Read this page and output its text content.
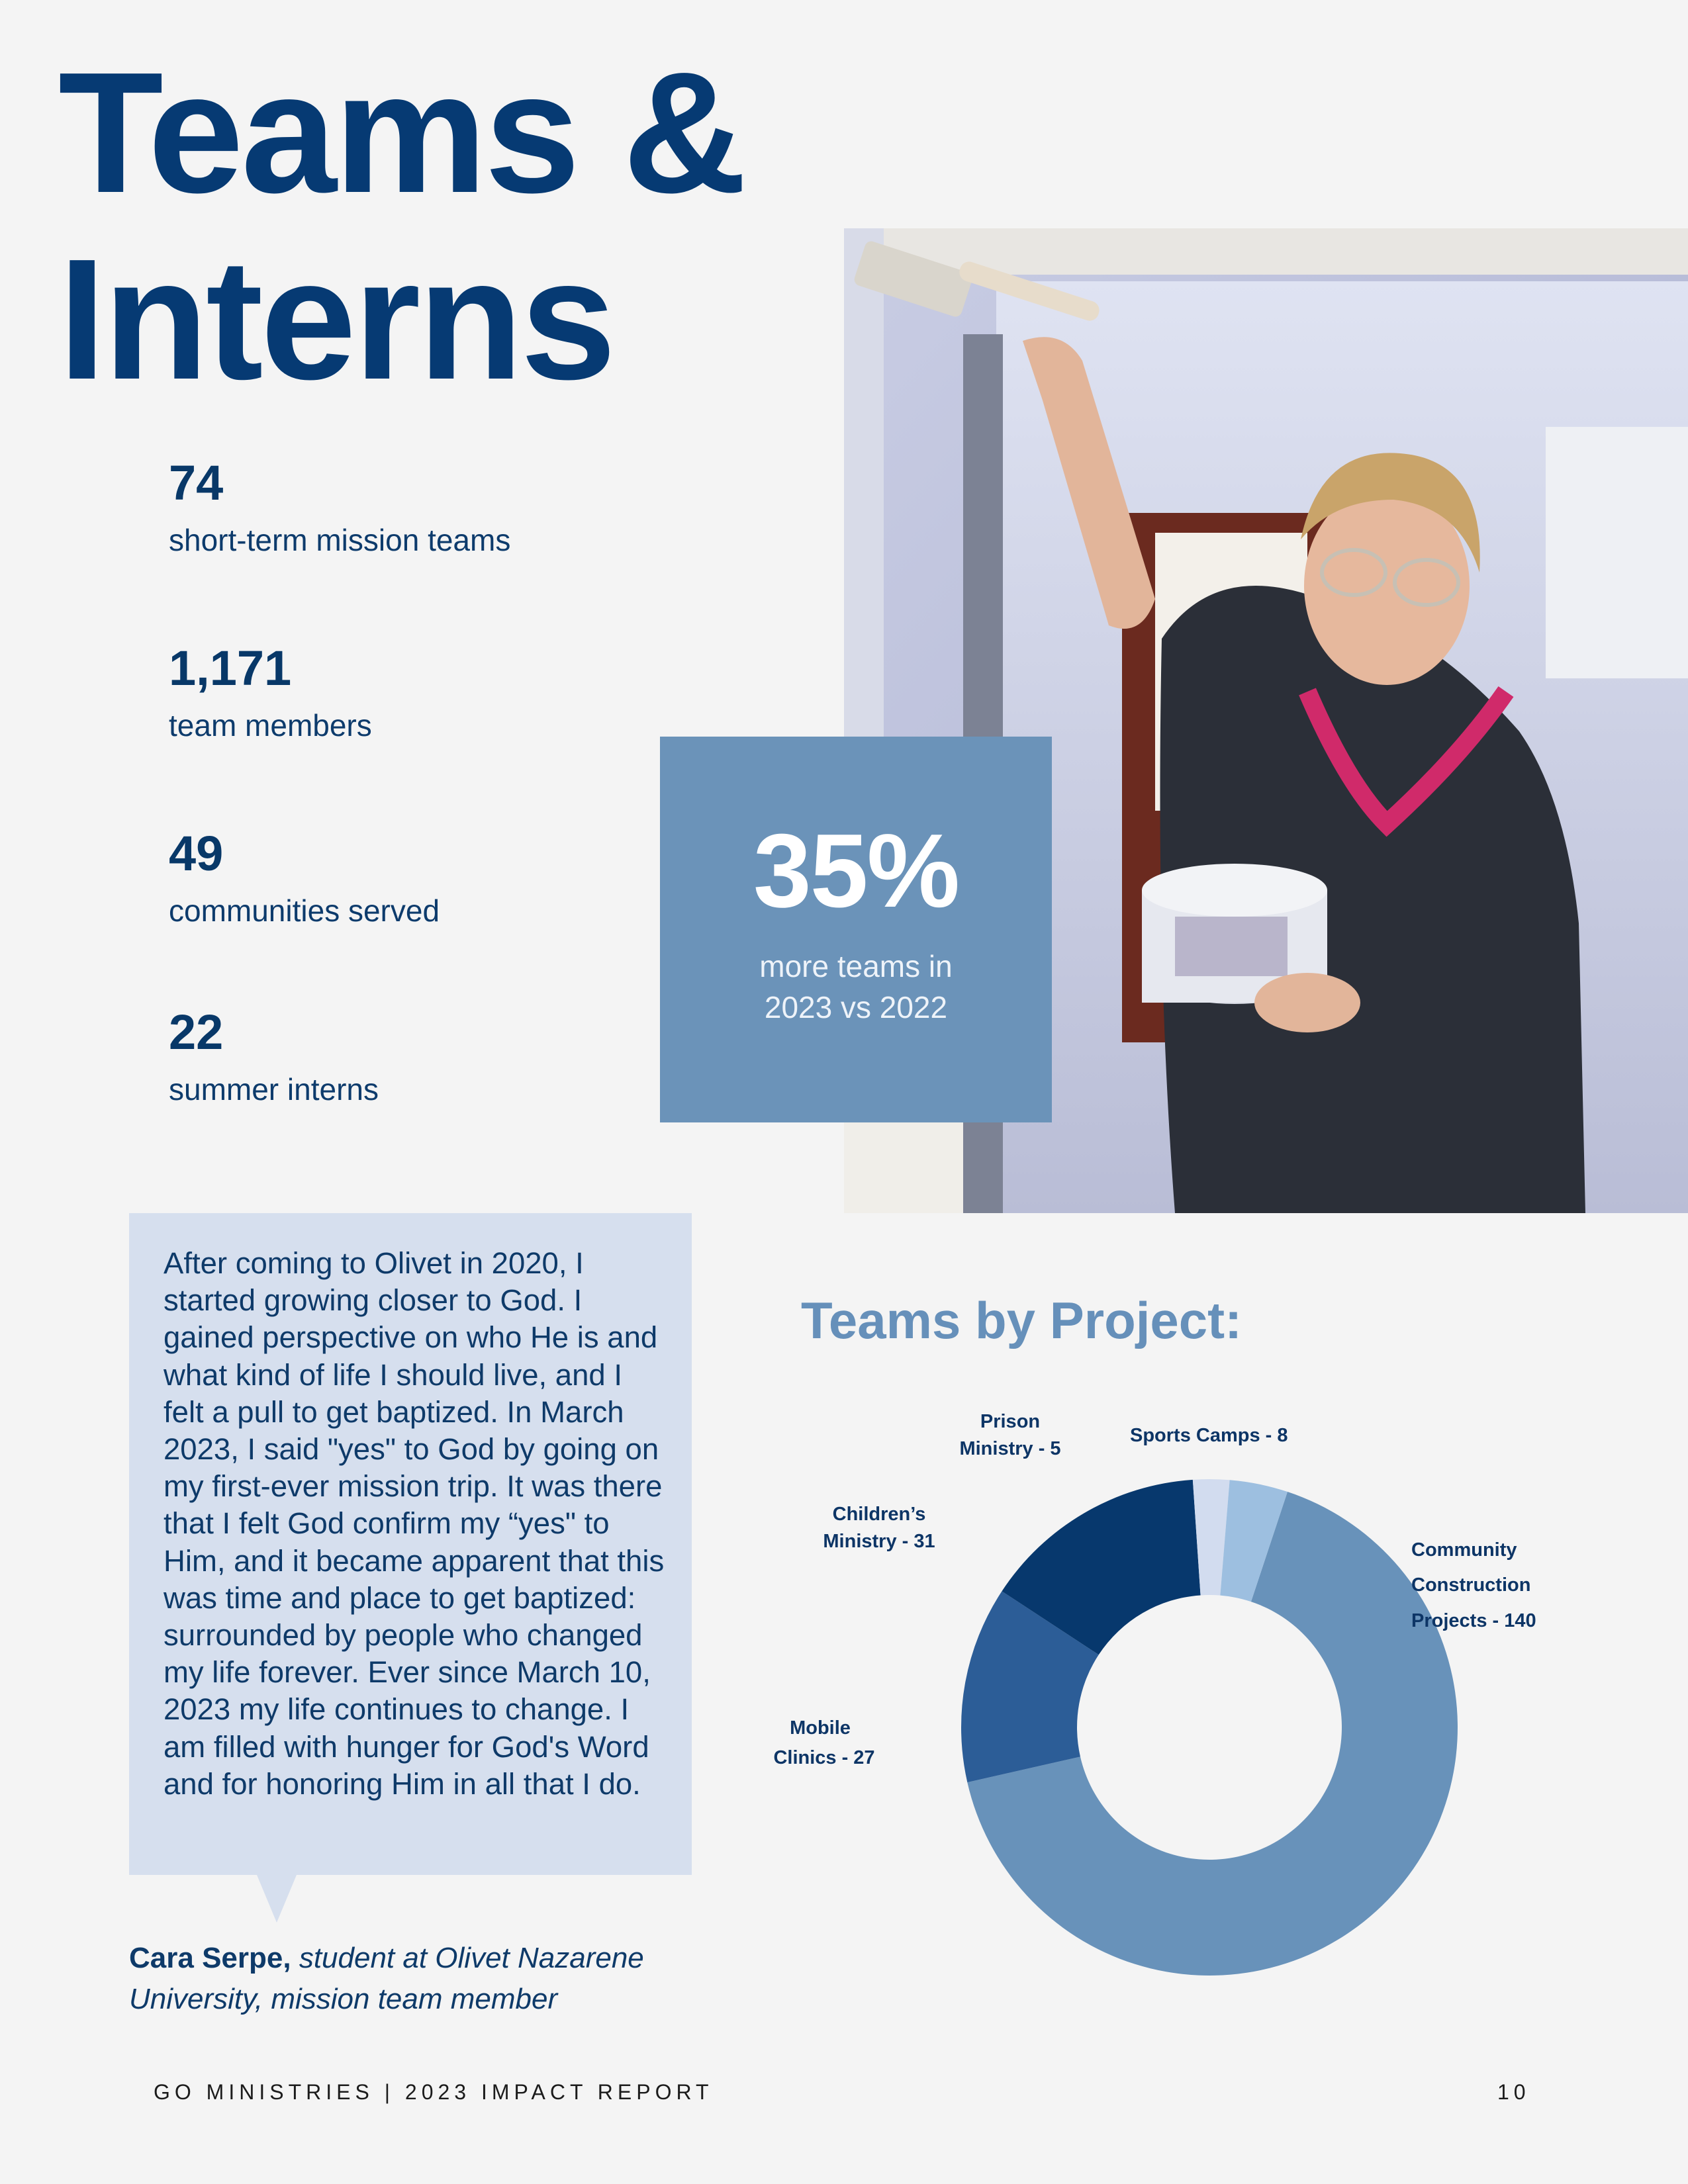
Teams &
Interns
74
short-term mission teams
1,171
team members
49
communities served
22
summer interns
35%
more teams in
2023 vs 2022

After coming to Olivet in 2020, I started growing closer to God. I gained perspective on who He is and what kind of life I should live, and I felt a pull to get baptized. In March 2023, I said "yes" to God by going on my first-ever mission trip. It was there that I felt God confirm my “yes" to Him, and it became apparent that this was time and place to get baptized: surrounded by people who changed my life forever. Ever since March 10, 2023 my life continues to change. I am filled with hunger for God's Word and for honoring Him in all that I do.

Cara Serpe, student at Olivet Nazarene
University, mission team member
Teams by Project:
Prison
Ministry - 5
Sports Camps - 8
Children’s
Ministry - 31	Community
Construction
Projects - 140
Mobile
Clinics - 27
GO MINISTRIES | 2023 IMPACT REPORT	10
